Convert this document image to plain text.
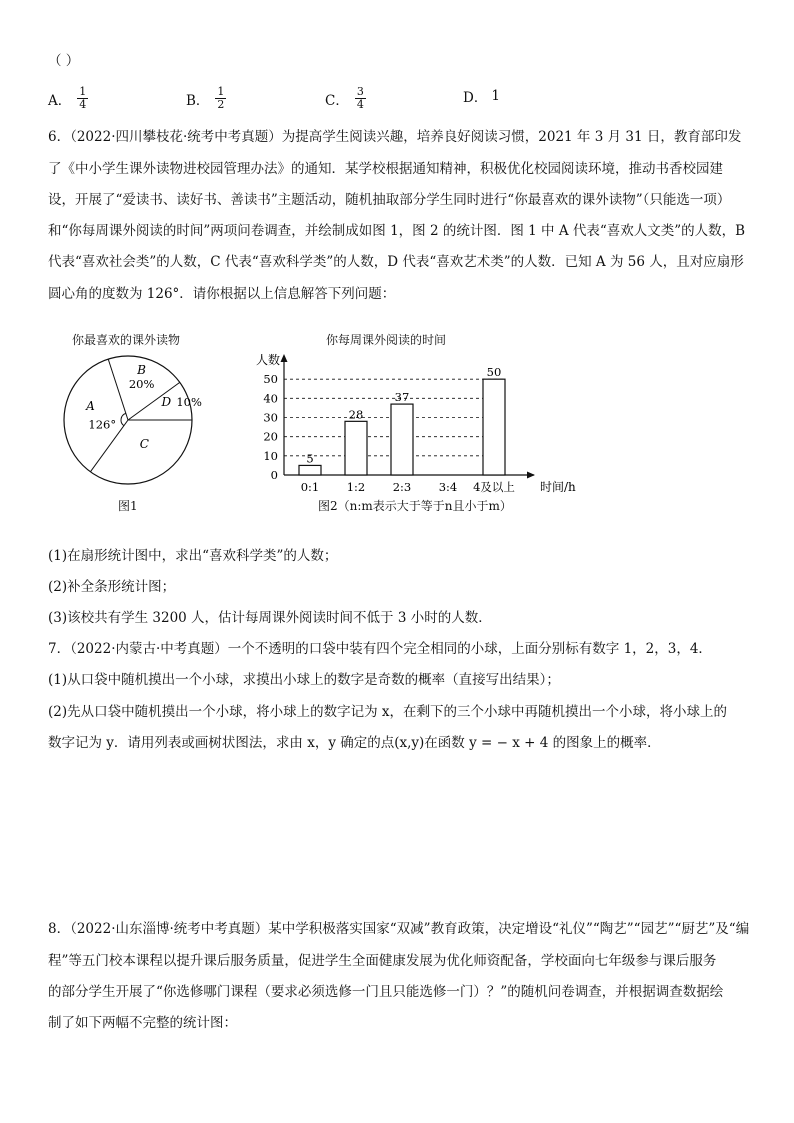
（ ）
A． $\frac{1}{4}$	B． $\frac{1}{2}$	C． $\frac{3}{4}$	D． 1
6．（2022·四川攀枝花·统考中考真题）为提高学生阅读兴趣，培养良好阅读习惯，2021 年 3 月 31 日，教育部印发
了《中小学生课外读物进校园管理办法》的通知．某学校根据通知精神，积极优化校园阅读环境，推动书香校园建
设，开展了“爱读书、读好书、善读书”主题活动，随机抽取部分学生同时进行“你最喜欢的课外读物”（只能选一项）
和“你每周课外阅读的时间”两项问卷调查，并绘制成如图 1，图 2 的统计图．图 1 中 A 代表“喜欢人文类”的人数，B
代表“喜欢社会类”的人数，C 代表“喜欢科学类”的人数，D 代表“喜欢艺术类”的人数．已知 A 为 56 人，且对应扇形
圆心角的度数为 126°．请你根据以上信息解答下列问题：
你最喜欢的课外读物
A
B
D
C
20%
10%
126°
图1
你每周课外阅读的时间
人数
时间/h
0
10
20
30
40
50
5
0:1
28
1:2
37
2:3 3:4
50
4及以上
图2（n:m表示大于等于n且小于m）
(1)在扇形统计图中，求出“喜欢科学类”的人数；
(2)补全条形统计图；
(3)该校共有学生 3200 人，估计每周课外阅读时间不低于 3 小时的人数．
7．（2022·内蒙古·中考真题）一个不透明的口袋中装有四个完全相同的小球，上面分别标有数字 1，2，3，4．
(1)从口袋中随机摸出一个小球，求摸出小球上的数字是奇数的概率（直接写出结果）；
(2)先从口袋中随机摸出一个小球，将小球上的数字记为 x，在剩下的三个小球中再随机摸出一个小球，将小球上的
数字记为 y．请用列表或画树状图法，求由 x，y 确定的点(x,y)在函数 y = − x + 4 的图象上的概率．
8．（2022·山东淄博·统考中考真题）某中学积极落实国家“双减”教育政策，决定增设“礼仪”“陶艺”“园艺”“厨艺”及“编
程”等五门校本课程以提升课后服务质量，促进学生全面健康发展为优化师资配备，学校面向七年级参与课后服务
的部分学生开展了“你选修哪门课程（要求必须选修一门且只能选修一门）？”的随机问卷调查，并根据调查数据绘
制了如下两幅不完整的统计图：
